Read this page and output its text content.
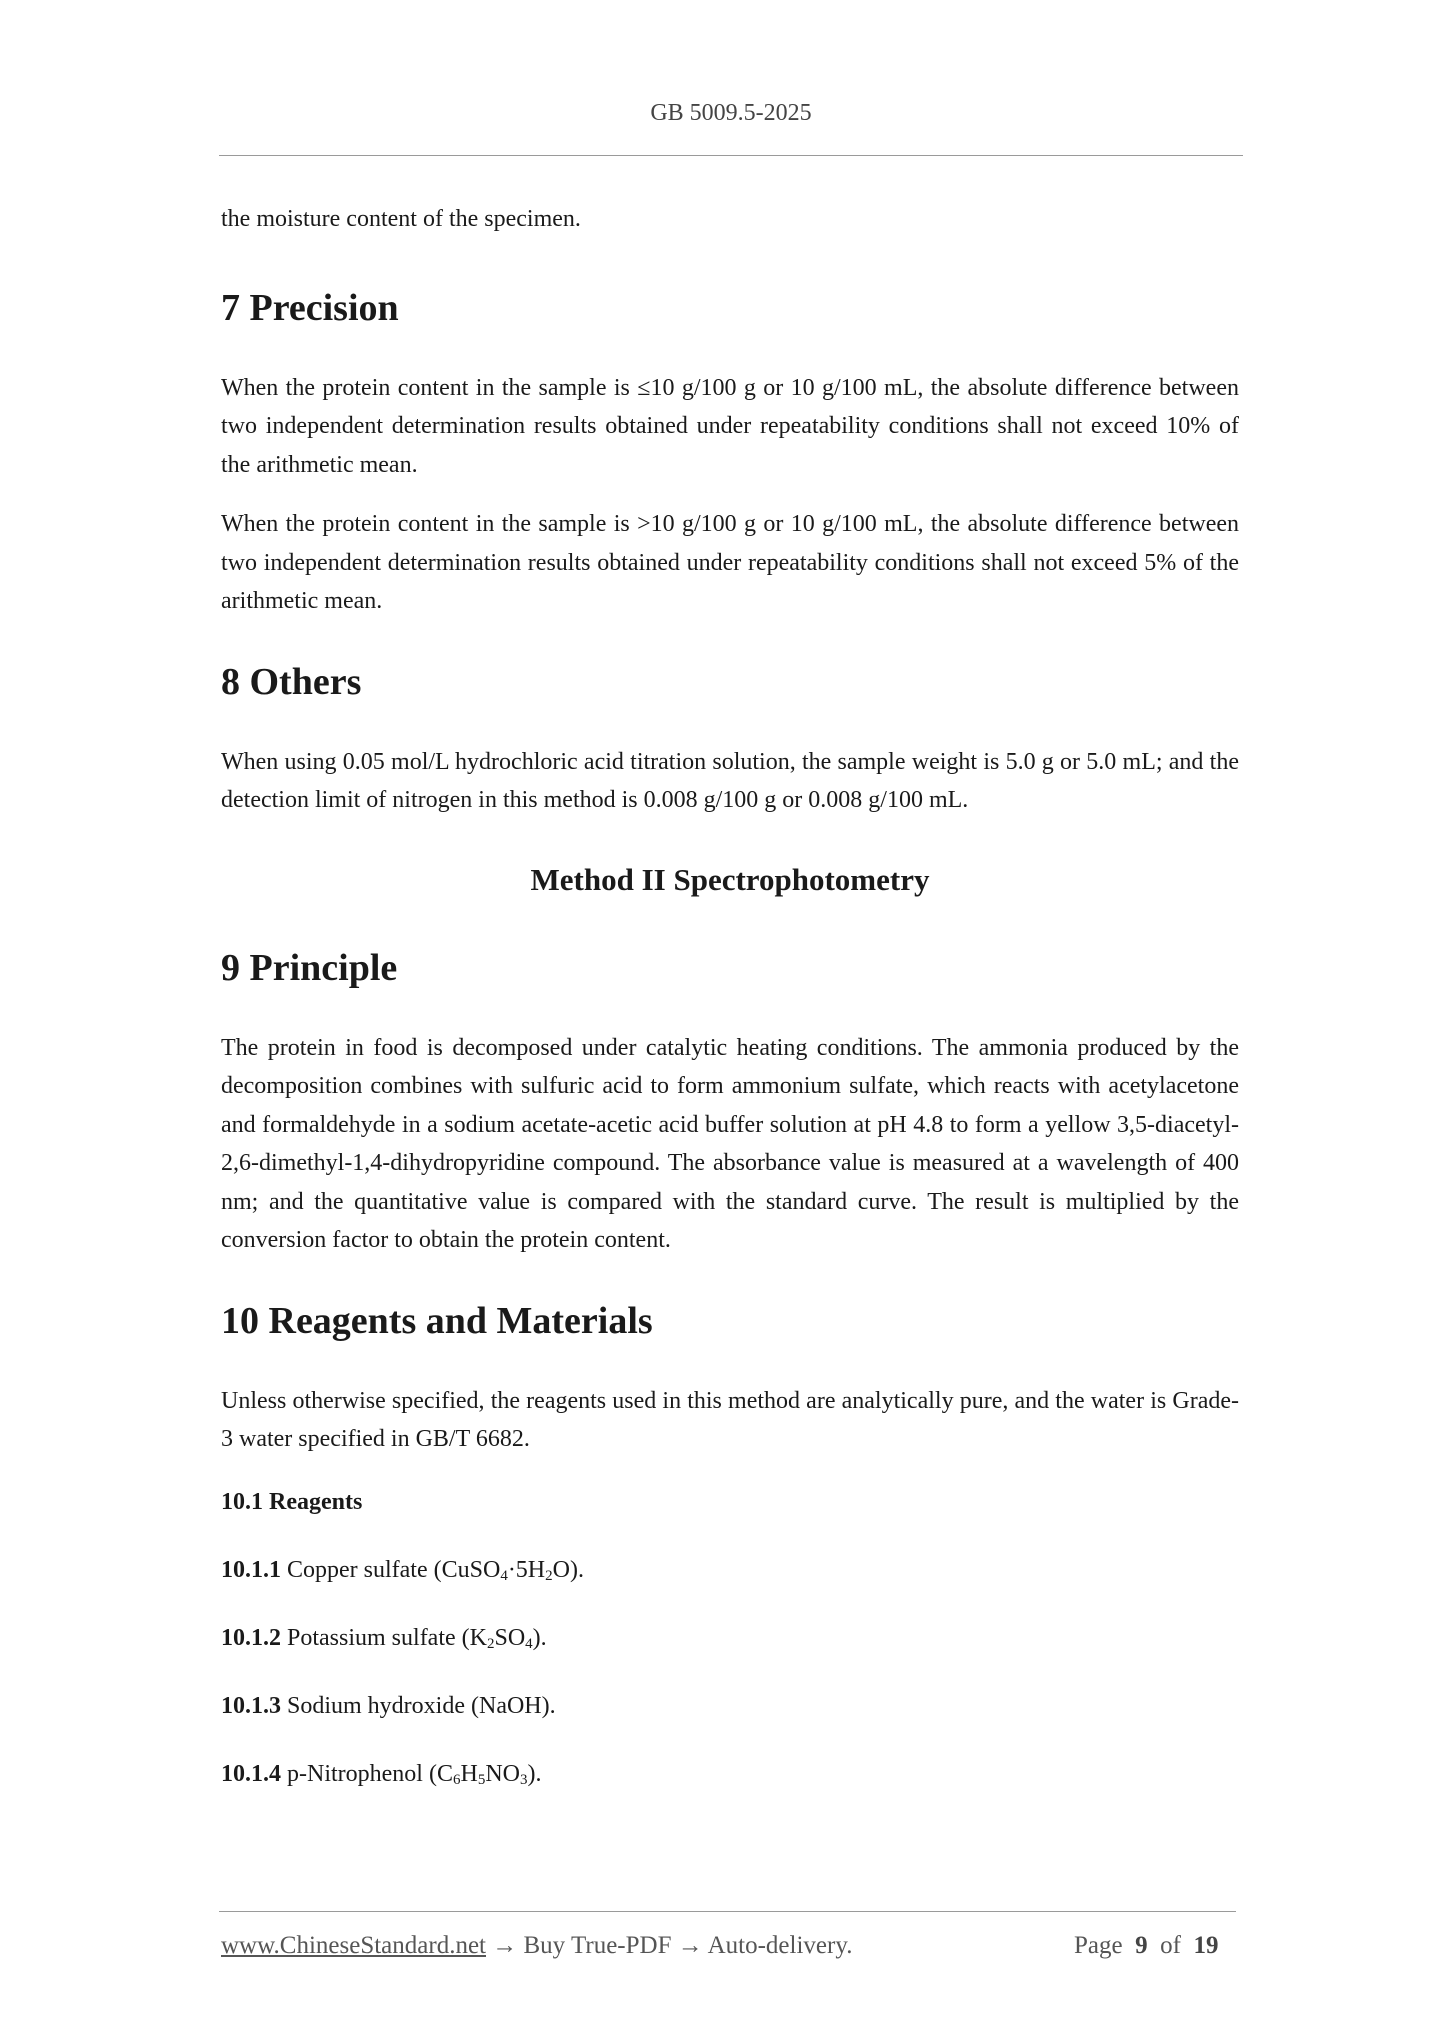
GB 5009.5-2025

the moisture content of the specimen.

7 Precision

When the protein content in the sample is ≤10 g/100 g or 10 g/100 mL, the absolute difference between two independent determination results obtained under repeatability conditions shall not exceed 10% of the arithmetic mean.

When the protein content in the sample is >10 g/100 g or 10 g/100 mL, the absolute difference between two independent determination results obtained under repeatability conditions shall not exceed 5% of the arithmetic mean.

8 Others

When using 0.05 mol/L hydrochloric acid titration solution, the sample weight is 5.0 g or 5.0 mL; and the detection limit of nitrogen in this method is 0.008 g/100 g or 0.008 g/100 mL.

Method II Spectrophotometry
9 Principle

The protein in food is decomposed under catalytic heating conditions. The ammonia produced by the decomposition combines with sulfuric acid to form ammonium sulfate, which reacts with acetylacetone and formaldehyde in a sodium acetate-acetic acid buffer solution at pH 4.8 to form a yellow 3,5-diacetyl-2,6-dimethyl-1,4-dihydropyridine compound. The absorbance value is measured at a wavelength of 400 nm; and the quantitative value is compared with the standard curve. The result is multiplied by the conversion factor to obtain the protein content.

10 Reagents and Materials

Unless otherwise specified, the reagents used in this method are analytically pure, and the water is Grade-3 water specified in GB/T 6682.

10.1 Reagents
10.1.1 Copper sulfate $(CuSO_4\cdot 5H_2O)$.
10.1.2 Potassium sulfate $(K_2SO_4)$.
10.1.3 Sodium hydroxide (NaOH).
10.1.4 p-Nitrophenol $(C_6H_5NO_3)$.
www.ChineseStandard.net → Buy True-PDF → Auto-delivery.	Page 9 of 19
